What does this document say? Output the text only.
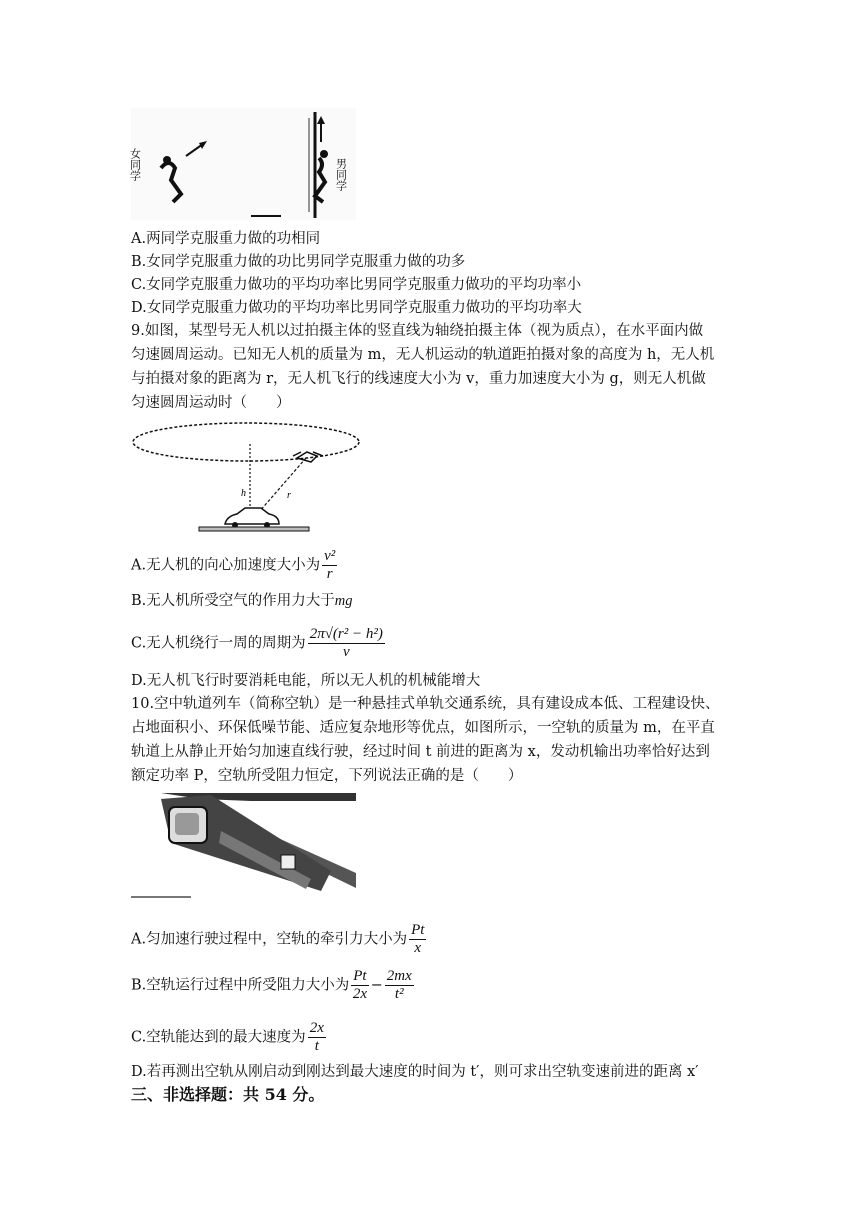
女同学	男同学
A.两同学克服重力做的功相同
B.女同学克服重力做的功比男同学克服重力做的功多
C.女同学克服重力做功的平均功率比男同学克服重力做功的平均功率小
D.女同学克服重力做功的平均功率比男同学克服重力做功的平均功率大
9.如图，某型号无人机以过拍摄主体的竖直线为轴绕拍摄主体（视为质点），在水平面内做
匀速圆周运动。已知无人机的质量为 m，无人机运动的轨道距拍摄对象的高度为 h，无人机
与拍摄对象的距离为 r，无人机飞行的线速度大小为 v，重力加速度大小为 g，则无人机做
匀速圆周运动时（　　）
h	r
A.无人机的向心加速度大小为 $\frac{\text{v²}}{r}$
B.无人机所受空气的作用力大于mg
C.无人机绕行一周的周期为 $\frac{\text{2π√(r² − h²)}}{v}$
D.无人机飞行时要消耗电能，所以无人机的机械能增大
10.空中轨道列车（简称空轨）是一种悬挂式单轨交通系统，具有建设成本低、工程建设快、
占地面积小、环保低噪节能、适应复杂地形等优点，如图所示，一空轨的质量为 m，在平直
轨道上从静止开始匀加速直线行驶，经过时间 t 前进的距离为 x，发动机输出功率恰好达到
额定功率 P，空轨所受阻力恒定，下列说法正确的是（　　）
A.匀加速行驶过程中，空轨的牵引力大小为 $\frac{Pt}{x}$
B.空轨运行过程中所受阻力大小为 $\frac{Pt}{2x} - \frac{2mx}{\text{t²}}$
C.空轨能达到的最大速度为 $\frac{2x}{t}$
D.若再测出空轨从刚启动到刚达到最大速度的时间为 t′，则可求出空轨变速前进的距离 x′
三、非选择题：共 54 分。
